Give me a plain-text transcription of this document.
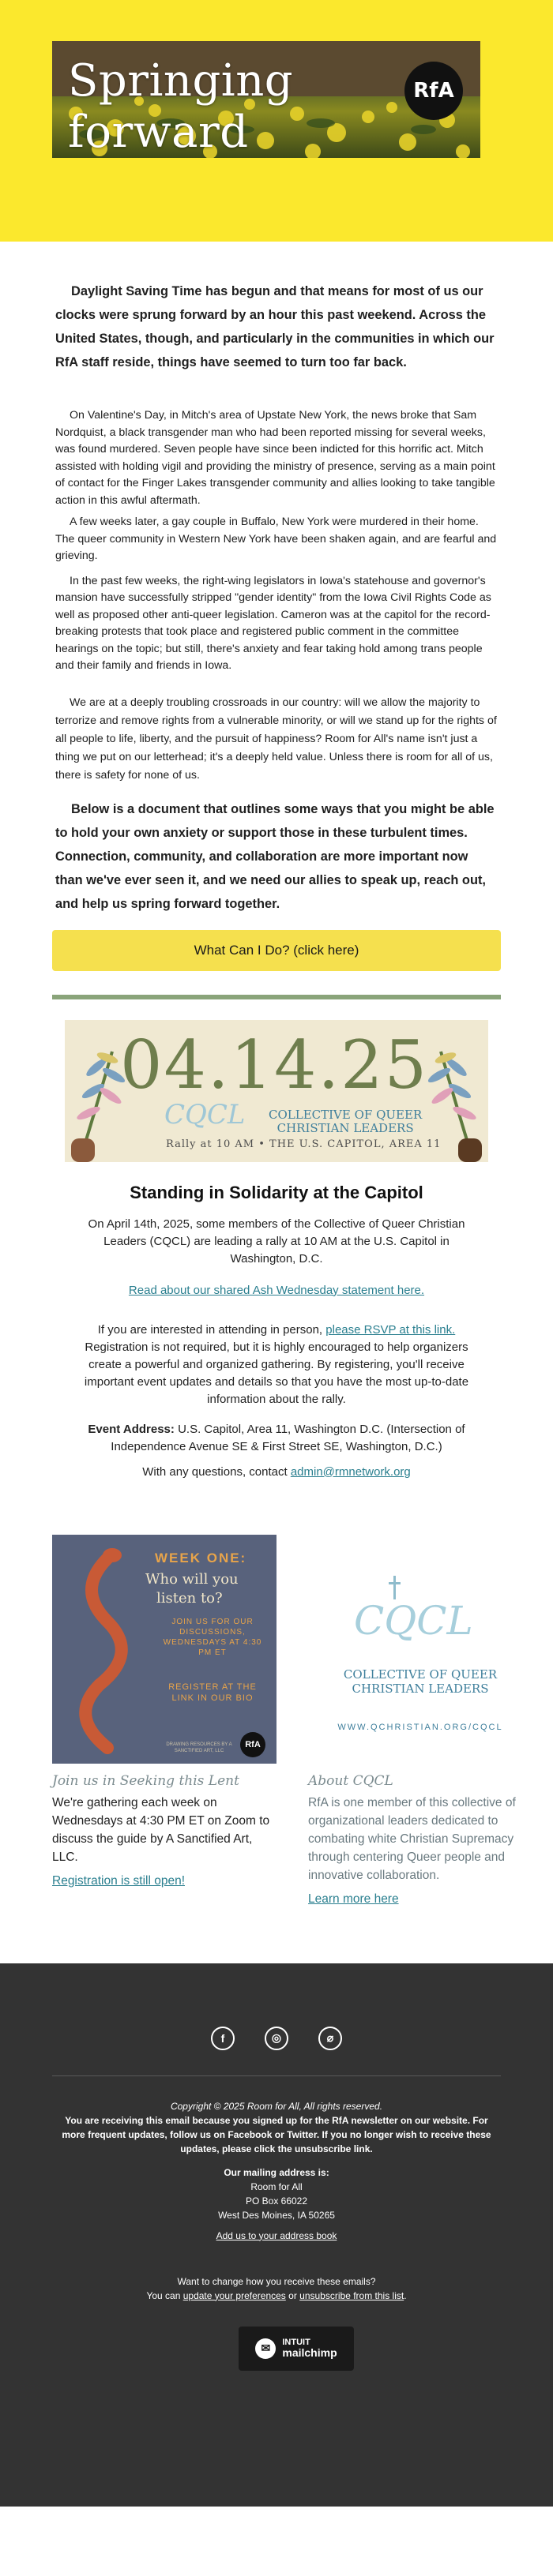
Springing forward
RfA

Daylight Saving Time has begun and that means for most of us our clocks were sprung forward by an hour this past weekend. Across the United States, though, and particularly in the communities in which our RfA staff reside, things have seemed to turn too far back.

On Valentine's Day, in Mitch's area of Upstate New York, the news broke that Sam Nordquist, a black transgender man who had been reported missing for several weeks, was found murdered. Seven people have since been indicted for this horrific act. Mitch assisted with holding vigil and providing the ministry of presence, serving as a main point of contact for the Finger Lakes transgender community and allies looking to take tangible action in this awful aftermath.

A few weeks later, a gay couple in Buffalo, New York were murdered in their home. The queer community in Western New York have been shaken again, and are fearful and grieving.

In the past few weeks, the right-wing legislators in Iowa's statehouse and governor's mansion have successfully stripped "gender identity" from the Iowa Civil Rights Code as well as proposed other anti-queer legislation. Cameron was at the capitol for the record-breaking protests that took place and registered public comment in the committee hearings on the topic; but still, there's anxiety and fear taking hold among trans people and their family and friends in Iowa.

We are at a deeply troubling crossroads in our country: will we allow the majority to terrorize and remove rights from a vulnerable minority, or will we stand up for the rights of all people to life, liberty, and the pursuit of happiness? Room for All's name isn't just a thing we put on our letterhead; it's a deeply held value. Unless there is room for all of us, there is safety for none of us.

Below is a document that outlines some ways that you might be able to hold your own anxiety or support those in these turbulent times. Connection, community, and collaboration are more important now than we've ever seen it, and we need our allies to speak up, reach out, and help us spring forward together.

What Can I Do? (click here)
04.14.25
CQCL COLLECTIVE OF QUEER
CHRISTIAN LEADERS
Rally at 10 AM • THE U.S. CAPITOL, AREA 11
Standing in Solidarity at the Capitol

On April 14th, 2025, some members of the Collective of Queer Christian Leaders (CQCL) are leading a rally at 10 AM at the U.S. Capitol in Washington, D.C.

Read about our shared Ash Wednesday statement here.

If you are interested in attending in person, please RSVP at this link. Registration is not required, but it is highly encouraged to help organizers create a powerful and organized gathering. By registering, you'll receive important event updates and details so that you have the most up-to-date information about the rally.

Event Address: U.S. Capitol, Area 11, Washington D.C. (Intersection of Independence Avenue SE & First Street SE, Washington, D.C.)

With any questions, contact admin@rmnetwork.org

WEEK ONE:
Who will you
listen to?
JOIN US FOR OUR DISCUSSIONS, WEDNESDAYS AT 4:30 PM ET
REGISTER AT THE LINK IN OUR BIO
DRAWING RESOURCES BY A SANCTIFIED ART, LLC
RfA
Join us in Seeking this Lent

We're gathering each week on Wednesdays at 4:30 PM ET on Zoom to discuss the guide by A Sanctified Art, LLC.

Registration is still open!
CQCL
COLLECTIVE OF QUEER
CHRISTIAN LEADERS
WWW.QCHRISTIAN.ORG/CQCL
About CQCL

RfA is one member of this collective of organizational leaders dedicated to combating white Christian Supremacy through centering Queer people and innovative collaboration.

Learn more here
f	◎	⌀
Copyright © 2025 Room for All, All rights reserved.
You are receiving this email because you signed up for the RfA newsletter on our website. For more frequent updates, follow us on Facebook or Twitter. If you no longer wish to receive these updates, please click the unsubscribe link.
Our mailing address is:
Room for All
PO Box 66022
West Des Moines, IA 50265
Add us to your address book
Want to change how you receive these emails?
You can update your preferences or unsubscribe from this list.
✉	INTUIT
mailchimp
